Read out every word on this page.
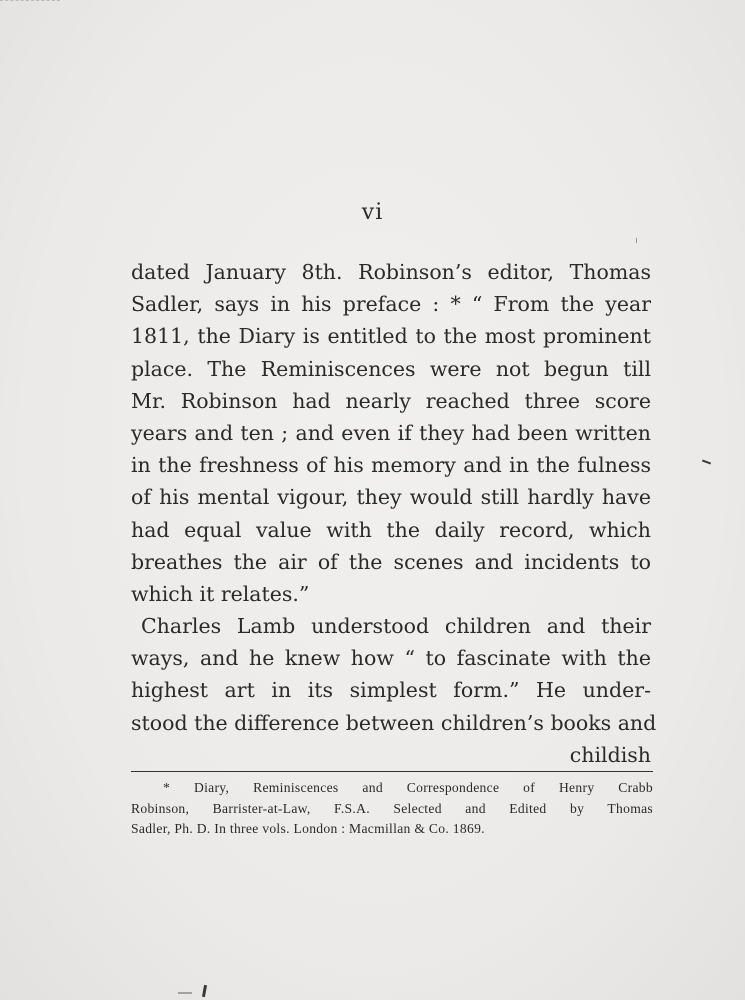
vi
dated January 8th. Robinson’s editor, Thomas
Sadler, says in his preface : * “ From the year
1811, the Diary is entitled to the most prominent
place. The Reminiscences were not begun till
Mr. Robinson had nearly reached three score
years and ten ; and even if they had been written
in the freshness of his memory and in the fulness
of his mental vigour, they would still hardly have
had equal value with the daily record, which
breathes the air of the scenes and incidents to
which it relates.”
Charles Lamb understood children and their
ways, and he knew how “ to fascinate with the
highest art in its simplest form.” He under-
stood the difference between children’s books and
childish
* Diary, Reminiscences and Correspondence of Henry Crabb
Robinson, Barrister-at-Law, F.S.A. Selected and Edited by Thomas
Sadler, Ph. D. In three vols. London : Macmillan & Co. 1869.
